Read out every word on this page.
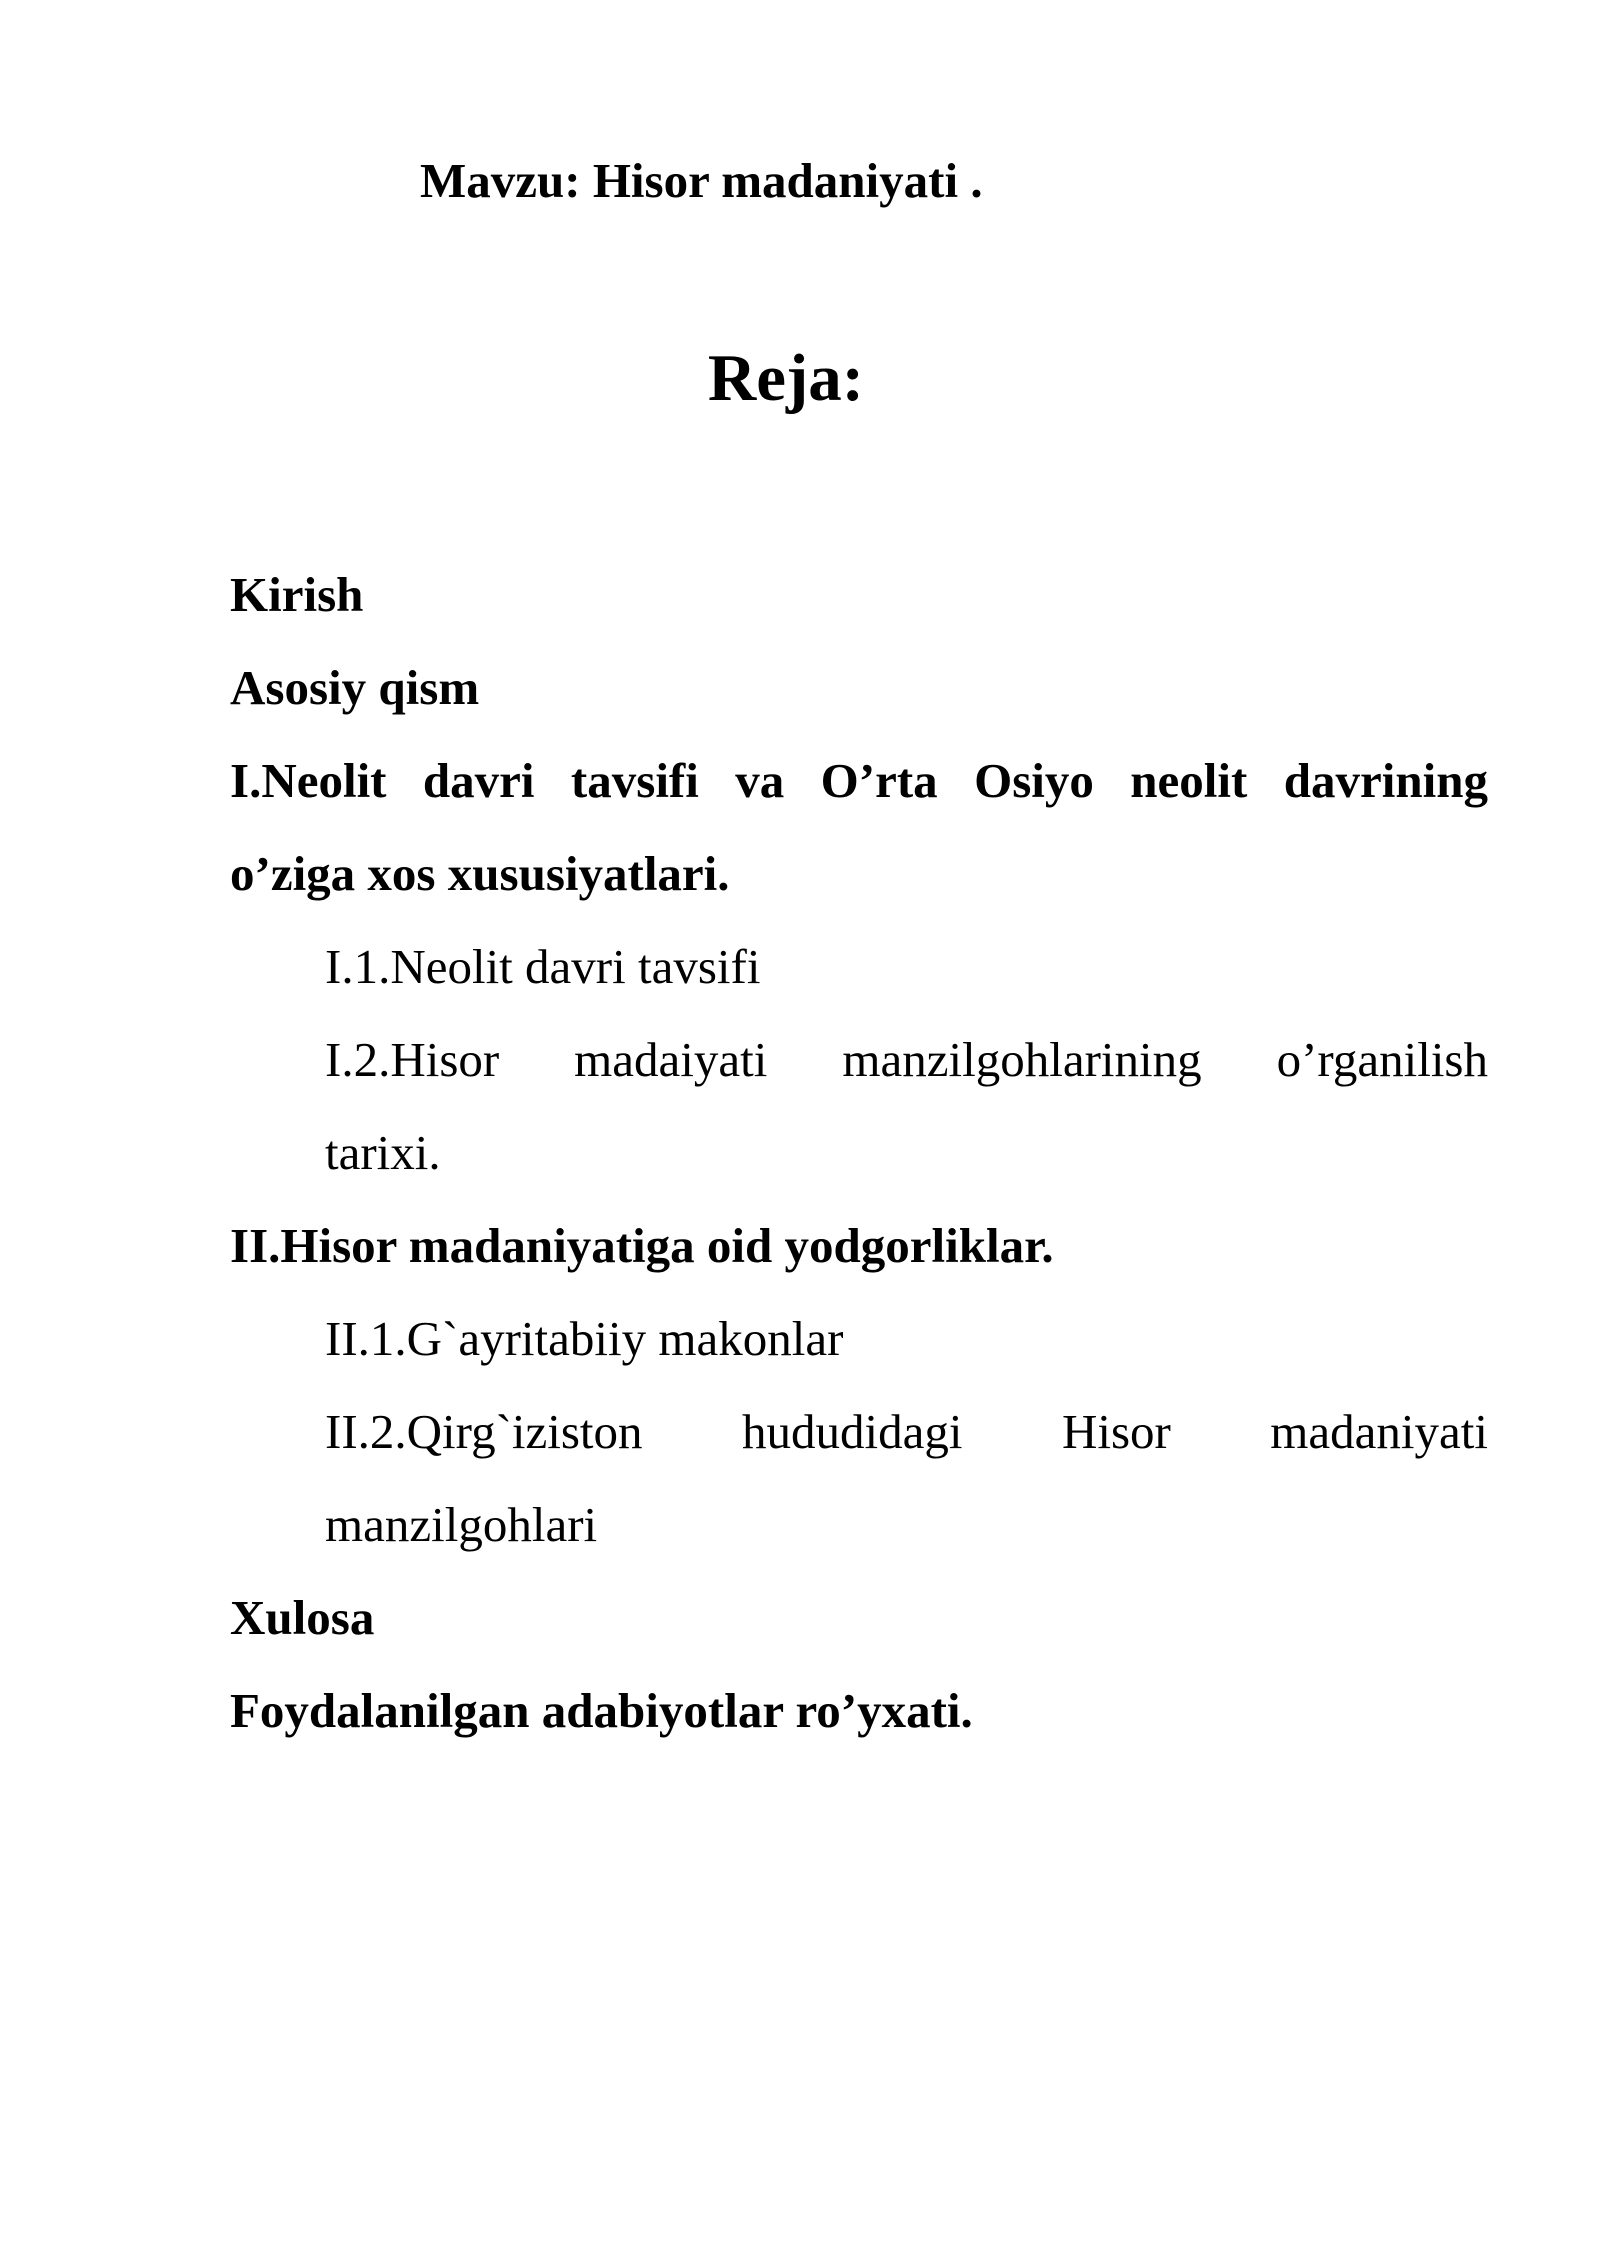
Mavzu: Hisor madaniyati .
Reja:
Kirish
Asosiy qism
I.Neolit davri tavsifi va O’rta Osiyo neolit davrining
o’ziga xos xususiyatlari.
I.1.Neolit davri tavsifi
I.2.Hisor madaiyati manzilgohlarining o’rganilish
tarixi.
II.Hisor madaniyatiga oid yodgorliklar.
II.1.G`ayritabiiy makonlar
II.2.Qirg`iziston hududidagi Hisor madaniyati
manzilgohlari
Xulosa
Foydalanilgan adabiyotlar ro’yxati.
